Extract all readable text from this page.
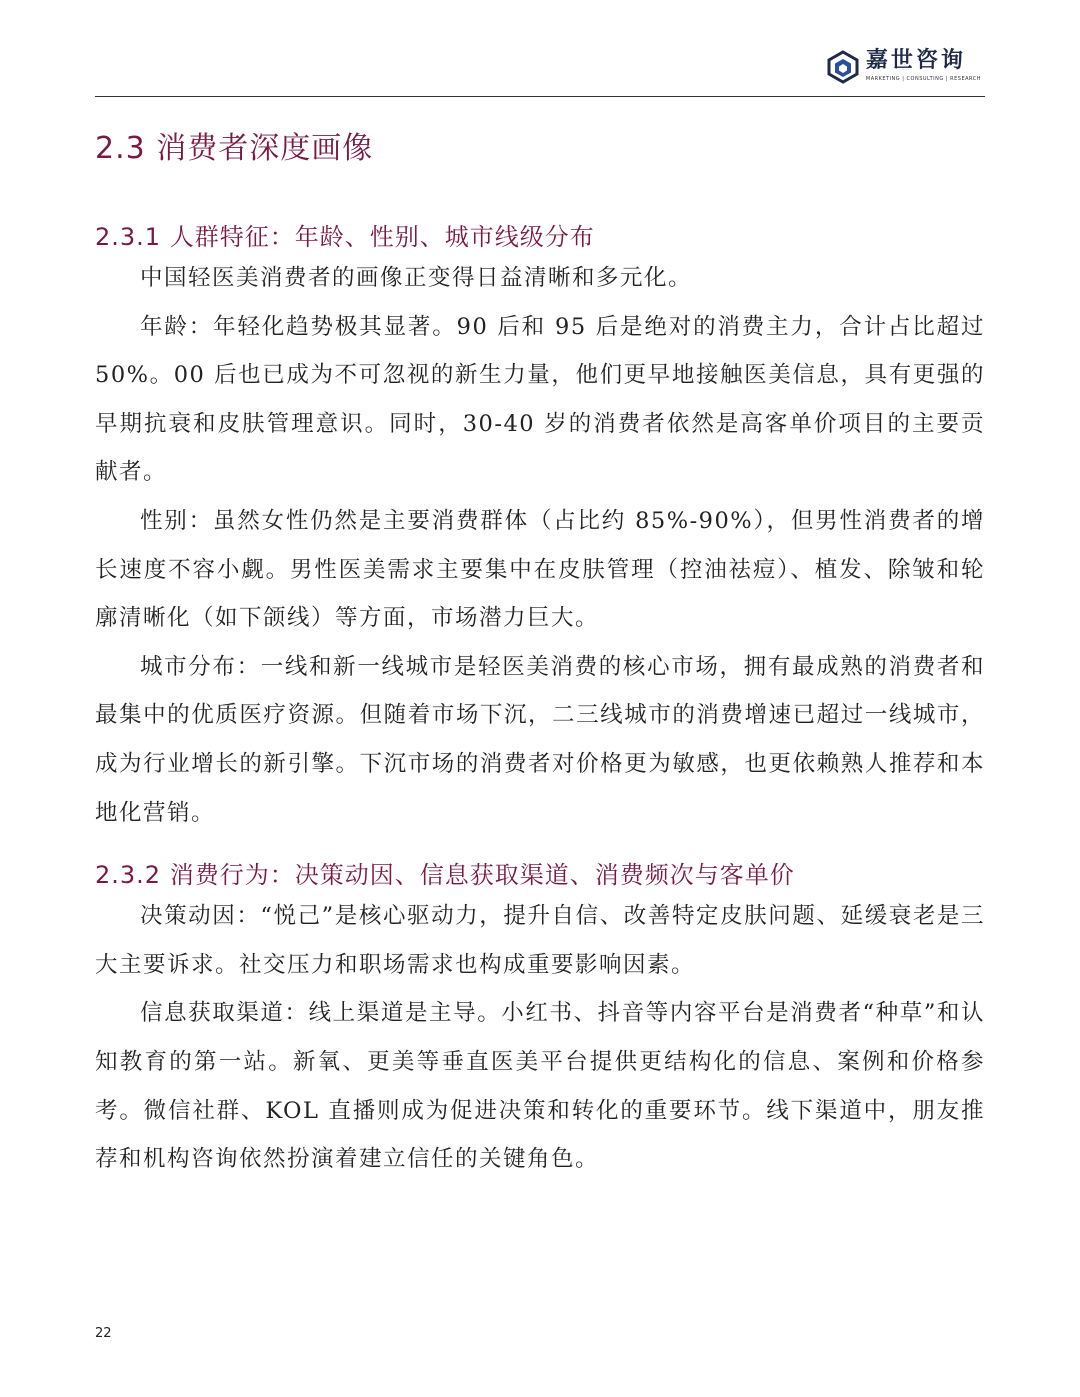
嘉世咨询
MARKETING | CONSULTING | RESEARCH
2.3 消费者深度画像
2.3.1 人群特征：年龄、性别、城市线级分布

中国轻医美消费者的画像正变得日益清晰和多元化。

年龄：年轻化趋势极其显著。90 后和 95 后是绝对的消费主力，合计占比超过 50%。00 后也已成为不可忽视的新生力量，他们更早地接触医美信息，具有更强的早期抗衰和皮肤管理意识。同时，30-40 岁的消费者依然是高客单价项目的主要贡献者。

性别：虽然女性仍然是主要消费群体（占比约 85%-90%），但男性消费者的增长速度不容小觑。男性医美需求主要集中在皮肤管理（控油祛痘）、植发、除皱和轮廓清晰化（如下颌线）等方面，市场潜力巨大。

城市分布：一线和新一线城市是轻医美消费的核心市场，拥有最成熟的消费者和最集中的优质医疗资源。但随着市场下沉，二三线城市的消费增速已超过一线城市，成为行业增长的新引擎。下沉市场的消费者对价格更为敏感，也更依赖熟人推荐和本地化营销。

2.3.2 消费行为：决策动因、信息获取渠道、消费频次与客单价

决策动因：“悦己”是核心驱动力，提升自信、改善特定皮肤问题、延缓衰老是三大主要诉求。社交压力和职场需求也构成重要影响因素。

信息获取渠道：线上渠道是主导。小红书、抖音等内容平台是消费者“种草”和认知教育的第一站。新氧、更美等垂直医美平台提供更结构化的信息、案例和价格参考。微信社群、KOL 直播则成为促进决策和转化的重要环节。线下渠道中，朋友推荐和机构咨询依然扮演着建立信任的关键角色。

22
